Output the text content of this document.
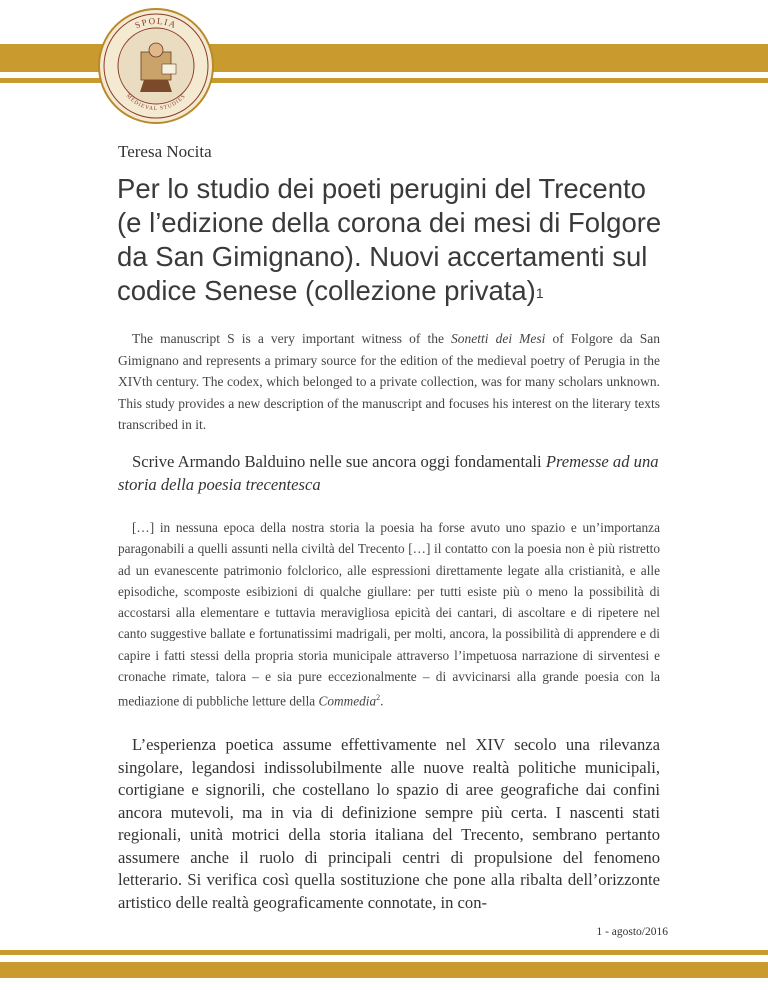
SPOLIA
MEDIEVAL STUDIES
Teresa Nocita
Per lo studio dei poeti perugini del Trecento (e l’edizione della corona dei mesi di Folgore da San Gimignano). Nuovi accertamenti sul codice Senese (collezione privata)$^1$

The manuscript S is a very important witness of the Sonetti dei Mesi of Folgore da San Gimignano and represents a primary source for the edition of the medieval poetry of Perugia in the XIVth century. The codex, which belonged to a private collection, was for many scholars unknown. This study provides a new description of the manuscript and focuses his interest on the literary texts transcribed in it.

Scrive Armando Balduino nelle sue ancora oggi fondamentali Premesse ad una storia della poesia trecentesca

[…] in nessuna epoca della nostra storia la poesia ha forse avuto uno spazio e un’importanza paragonabili a quelli assunti nella civiltà del Trecento […] il contatto con la poesia non è più ristretto ad un evanescente patrimonio folclorico, alle espressioni direttamente legate alla cristianità, e alle episodiche, scomposte esibizioni di qualche giullare: per tutti esiste più o meno la possibilità di accostarsi alla elementare e tuttavia meravigliosa epicità dei cantari, di ascoltare e di ripetere nel canto suggestive ballate e fortunatissimi madrigali, per molti, ancora, la possibilità di apprendere e di capire i fatti stessi della propria storia municipale attraverso l’impetuosa narrazione di sirventesi e cronache rimate, talora – e sia pure eccezionalmente – di avvicinarsi alla grande poesia con la mediazione di pubbliche letture della Commedia$^2$.

L’esperienza poetica assume effettivamente nel XIV secolo una rilevanza singolare, legandosi indissolubilmente alle nuove realtà politiche municipali, cortigiane e signorili, che costellano lo spazio di aree geografiche dai confini ancora mutevoli, ma in via di definizione sempre più certa. I nascenti stati regionali, unità motrici della storia italiana del Trecento, sembrano pertanto assumere anche il ruolo di principali centri di propulsione del fenomeno letterario. Si verifica così quella sostituzione che pone alla ribalta dell’orizzonte artistico delle realtà geograficamente connotate, in con-

1 - agosto/2016
